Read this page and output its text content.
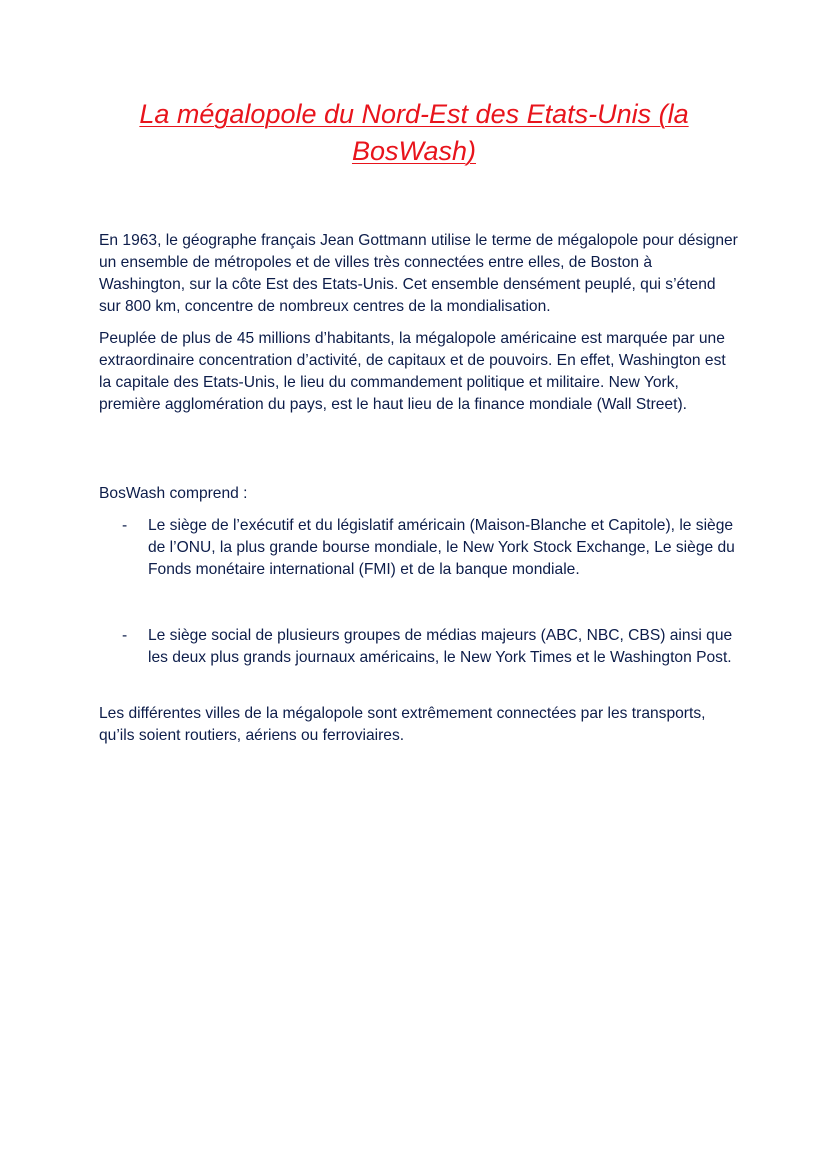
La mégalopole du Nord-Est des Etats-Unis (la BosWash)

En 1963, le géographe français Jean Gottmann utilise le terme de mégalopole pour désigner un ensemble de métropoles et de villes très connectées entre elles, de Boston à Washington, sur la côte Est des Etats-Unis. Cet ensemble densément peuplé, qui s’étend sur 800 km, concentre de nombreux centres de la mondialisation.

Peuplée de plus de 45 millions d’habitants, la mégalopole américaine est marquée par une extraordinaire concentration d’activité, de capitaux et de pouvoirs. En effet, Washington est la capitale des Etats-Unis, le lieu du commandement politique et militaire. New York, première agglomération du pays, est le haut lieu de la finance mondiale (Wall Street).

BosWash comprend :

- Le siège de l’exécutif et du législatif américain (Maison-Blanche et Capitole), le siège de l’ONU, la plus grande bourse mondiale, le New York Stock Exchange, Le siège du Fonds monétaire international (FMI) et de la banque mondiale.
- Le siège social de plusieurs groupes de médias majeurs (ABC, NBC, CBS) ainsi que les deux plus grands journaux américains, le New York Times et le Washington Post.

Les différentes villes de la mégalopole sont extrêmement connectées par les transports, qu’ils soient routiers, aériens ou ferroviaires.
